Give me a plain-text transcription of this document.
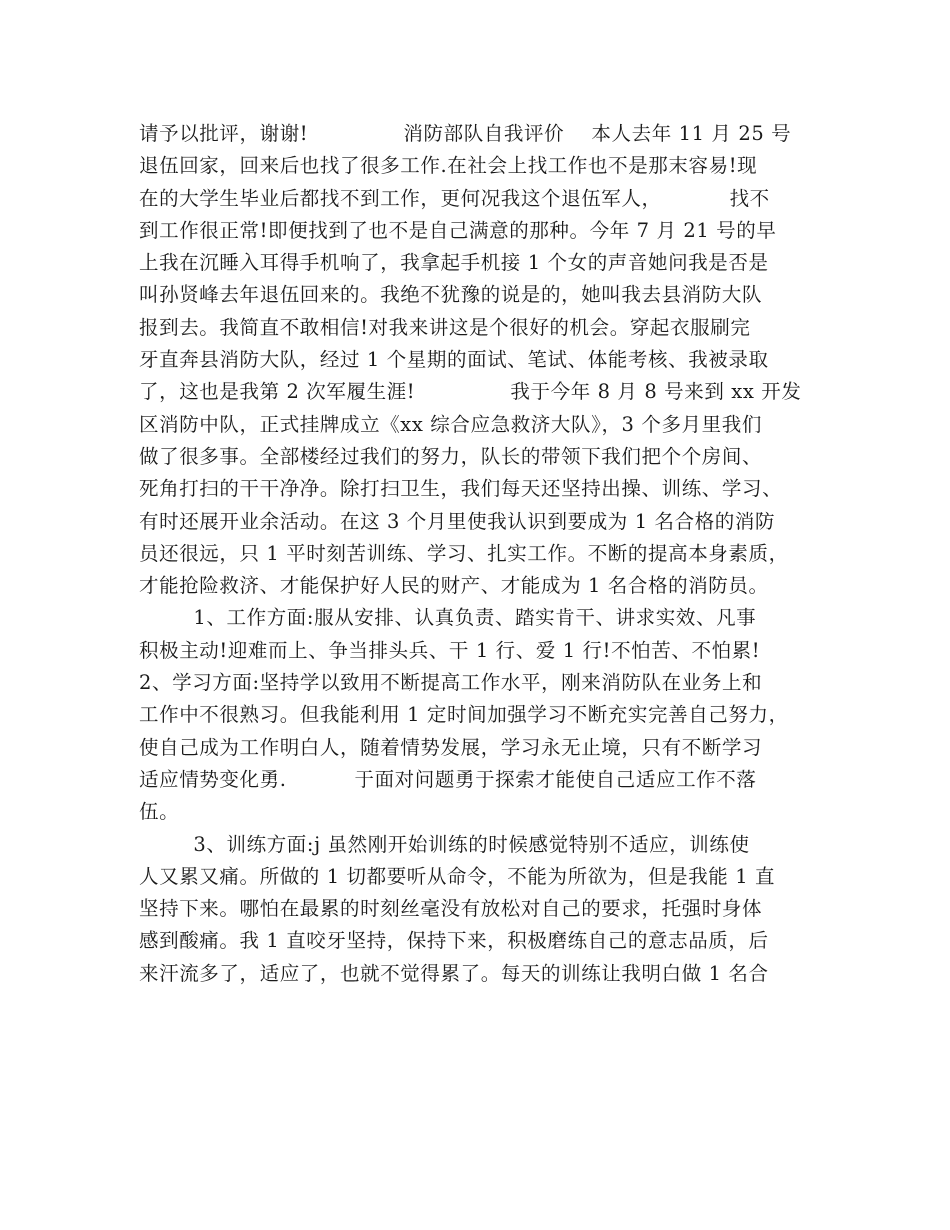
请予以批评，谢谢!              消防部队自我评价    本人去年 11 月 25 号
退伍回家，回来后也找了很多工作.在社会上找工作也不是那末容易!现
在的大学生毕业后都找不到工作，更何况我这个退伍军人，          找不
到工作很正常!即便找到了也不是自己满意的那种。今年 7 月 21 号的早
上我在沉睡入耳得手机响了，我拿起手机接 1 个女的声音她问我是否是
叫孙贤峰去年退伍回来的。我绝不犹豫的说是的，她叫我去县消防大队
报到去。我简直不敢相信!对我来讲这是个很好的机会。穿起衣服刷完
牙直奔县消防大队，经过 1 个星期的面试、笔试、体能考核、我被录取
了，这也是我第 2 次军履生涯!              我于今年 8 月 8 号来到 xx 开发
区消防中队，正式挂牌成立《xx 综合应急救济大队》，3 个多月里我们
做了很多事。全部楼经过我们的努力，队长的带领下我们把个个房间、
死角打扫的干干净净。除打扫卫生，我们每天还坚持出操、训练、学习、
有时还展开业余活动。在这 3 个月里使我认识到要成为 1 名合格的消防
员还很远，只 1 平时刻苦训练、学习、扎实工作。不断的提高本身素质，
才能抢险救济、才能保护好人民的财产、才能成为 1 名合格的消防员。
1、工作方面:服从安排、认真负责、踏实肯干、讲求实效、凡事
积极主动!迎难而上、争当排头兵、干 1 行、爱 1 行!不怕苦、不怕累!
2、学习方面:坚持学以致用不断提高工作水平，刚来消防队在业务上和
工作中不很熟习。但我能利用 1 定时间加强学习不断充实完善自己努力，
使自己成为工作明白人，随着情势发展，学习永无止境，只有不断学习
适应情势变化勇.          于面对问题勇于探索才能使自己适应工作不落
伍。
3、训练方面:j 虽然刚开始训练的时候感觉特别不适应，训练使
人又累又痛。所做的 1 切都要听从命令，不能为所欲为，但是我能 1 直
坚持下来。哪怕在最累的时刻丝毫没有放松对自己的要求，托强时身体
感到酸痛。我 1 直咬牙坚持，保持下来，积极磨练自己的意志品质，后
来汗流多了，适应了，也就不觉得累了。每天的训练让我明白做 1 名合
